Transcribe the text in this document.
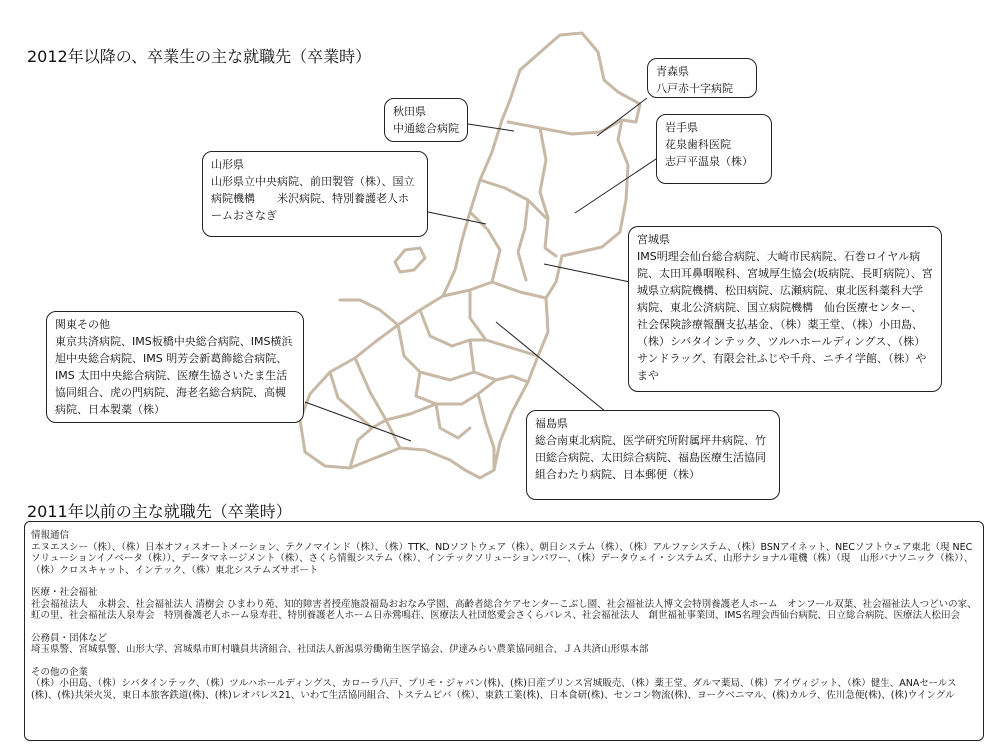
2012年以降の、卒業生の主な就職先（卒業時）
青森県
八戸赤十字病院
秋田県
中通総合病院	岩手県
花泉歯科医院
志戸平温泉（株）
山形県
山形県立中央病院、前田製管（株）、国立病院機構　　米沢病院、特別養護老人ホームおさなぎ
宮城県
IMS明理会仙台総合病院、大崎市民病院、石巻ロイヤル病院、太田耳鼻咽喉科、宮城厚生協会(坂病院、長町病院）、宮城県立病院機構、松田病院、広瀬病院、東北医科薬科大学病院、東北公済病院、国立病院機構　仙台医療センター、社会保険診療報酬支払基金、（株）薬王堂、（株）小田島、（株）シバタインテック、ツルハホールディングス、（株）サンドラッグ、有限会社ふじや千舟、ニチイ学館、（株）やまや
関東その他
東京共済病院、IMS板橋中央総合病院、IMS横浜旭中央総合病院、IMS 明芳会新葛飾総合病院、IMS 太田中央総合病院、医療生協さいたま生活協同組合、虎の門病院、海老名総合病院、高槻病院、日本製薬（株）
福島県
総合南東北病院、医学研究所附属坪井病院、竹田総合病院、太田綜合病院、福島医療生活協同組合わたり病院、日本郵便（株）
2011年以前の主な就職先（卒業時）
情報通信
エヌエスシー（株）、（株）日本オフィスオートメーション、テクノマインド（株）、（株）TTK、NDソフトウェア（株）、朝日システム（株）、（株）アルファシステム、（株）BSNアイネット、NECソフトウェア東北（現 NECソリューションイノベータ（株））、データマネージメント（株）、さくら情報システム（株）、インテックソリューションパワー、（株）データウェイ・システムズ、山形ナショナル電機（株）（現　山形パナソニック（株））、（株）クロスキャット、インテック、（株）東北システムズサポート
医療・社会福祉
社会福祉法人　永耕会、社会福祉法人 清樹会 ひまわり苑、知的障害者授産施設福島おおなみ学園、高齢者総合ケアセンターこぶし園、社会福祉法人博文会特別養護老人ホーム　オンフール双葉、社会福祉法人つどいの家、虹の里、社会福祉法人泉寿会　特別養護老人ホーム泉寿荘、特別養護老人ホーム日赤鶯鳴荘、医療法人社団悠愛会さくらパレス、社会福祉法人　創世福祉事業団、IMS名理会西仙台病院、日立総合病院、医療法人松田会
公務員・団体など
埼玉県警、宮城県警、山形大学、宮城県市町村職員共済組合、社団法人新潟県労働衛生医学協会、伊達みらい農業協同組合、ＪＡ共済山形県本部
その他の企業
（株）小田島、（株）シバタインテック、（株）ツルハホールディングス、カローラ八戸、プリモ・ジャパン(株)、(株)日産プリンス宮城販売、（株）薬王堂、ダルマ薬局、（株）アイヴィジット、（株）健生、ANAセールス(株)、(株)共栄火災、東日本旅客鉄道(株)、(株)レオパレス21、いわて生活協同組合、トステムビバ（株）、東鉄工業(株)、日本食研(株)、センコン物流(株)、ヨークベニマル、(株)カルラ、佐川急便(株)、(株)ウイングル
